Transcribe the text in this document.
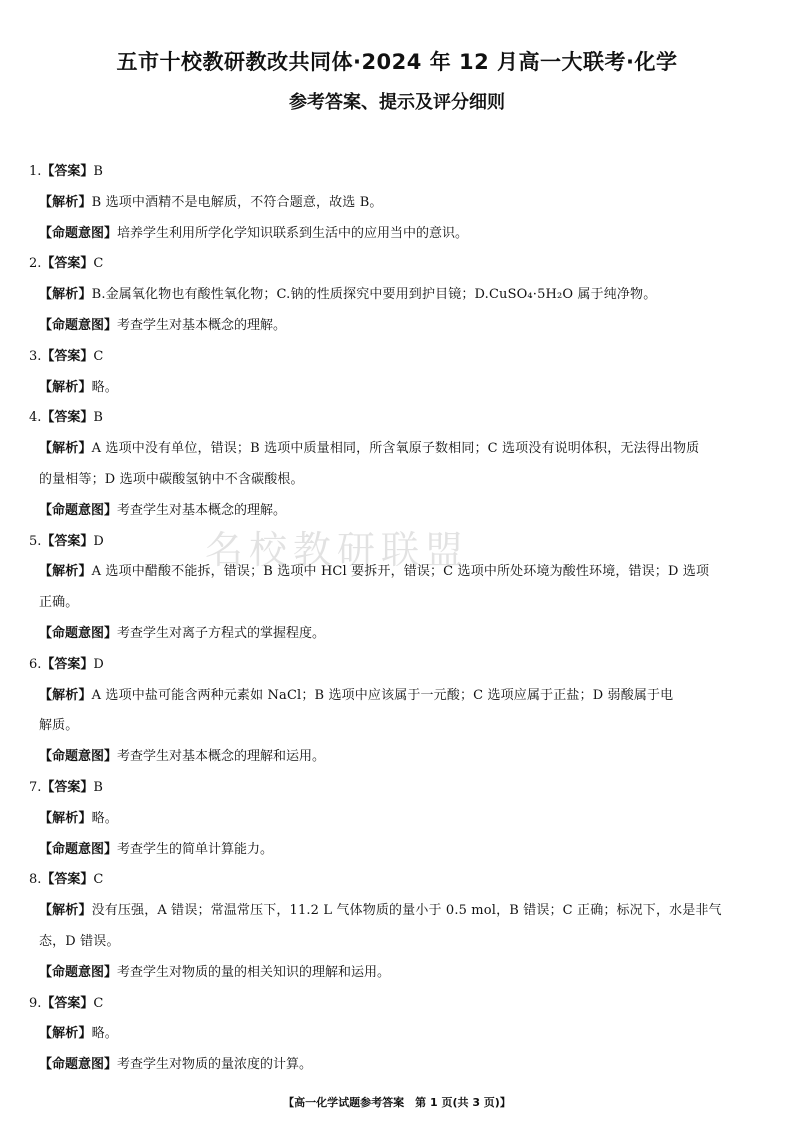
五市十校教研教改共同体·2024 年 12 月高一大联考·化学
参考答案、提示及评分细则
名校教研联盟
1.【答案】B
【解析】B 选项中酒精不是电解质，不符合题意，故选 B。
【命题意图】培养学生利用所学化学知识联系到生活中的应用当中的意识。
2.【答案】C
【解析】B.金属氧化物也有酸性氧化物；C.钠的性质探究中要用到护目镜；D.CuSO₄·5H₂O 属于纯净物。
【命题意图】考查学生对基本概念的理解。
3.【答案】C
【解析】略。
4.【答案】B
【解析】A 选项中没有单位，错误；B 选项中质量相同，所含氧原子数相同；C 选项没有说明体积，无法得出物质
的量相等；D 选项中碳酸氢钠中不含碳酸根。
【命题意图】考查学生对基本概念的理解。
5.【答案】D
【解析】A 选项中醋酸不能拆，错误；B 选项中 HCl 要拆开，错误；C 选项中所处环境为酸性环境，错误；D 选项
正确。
【命题意图】考查学生对离子方程式的掌握程度。
6.【答案】D
【解析】A 选项中盐可能含两种元素如 NaCl；B 选项中应该属于一元酸；C 选项应属于正盐；D 弱酸属于电
解质。
【命题意图】考查学生对基本概念的理解和运用。
7.【答案】B
【解析】略。
【命题意图】考查学生的简单计算能力。
8.【答案】C
【解析】没有压强，A 错误；常温常压下，11.2 L 气体物质的量小于 0.5 mol，B 错误；C 正确；标况下，水是非气
态，D 错误。
【命题意图】考查学生对物质的量的相关知识的理解和运用。
9.【答案】C
【解析】略。
【命题意图】考查学生对物质的量浓度的计算。
【高一化学试题参考答案　第 1 页(共 3 页)】
